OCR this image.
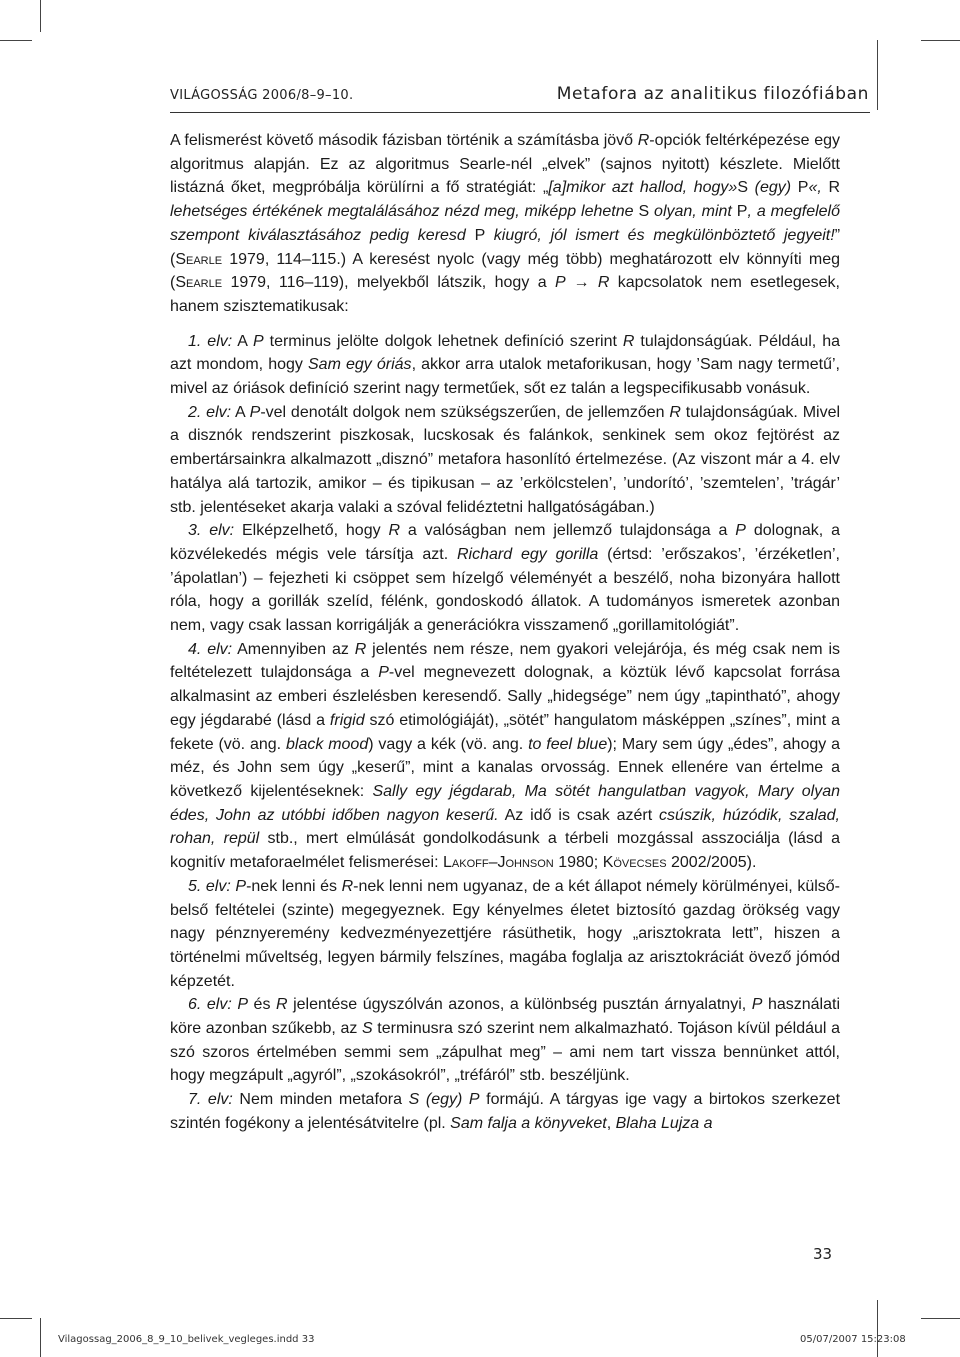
VILÁGOSSÁG 2006/8–9–10.	Metafora az analitikus filozófiában

A felismerést követő második fázisban történik a számításba jövő R-opciók feltérképezése egy algoritmus alapján. Ez az algoritmus Searle-nél „elvek” (sajnos nyitott) készlete. Mielőtt listázná őket, megpróbálja körülírni a fő stratégiát: „[a]mikor azt hallod, hogy»S (egy) P«, R lehetséges értékének megtalálásához nézd meg, miképp lehetne S olyan, mint P, a megfelelő szempont kiválasztásához pedig keresd P kiugró, jól ismert és megkülönböztető jegyeit!” (Searle 1979, 114–115.) A keresést nyolc (vagy még több) meghatározott elv könnyíti meg (Searle 1979, 116–119), melyekből látszik, hogy a P → R kapcsolatok nem esetlegesek, hanem szisztematikusak:

1. elv: A P terminus jelölte dolgok lehetnek definíció szerint R tulajdonságúak. Például, ha azt mondom, hogy Sam egy óriás, akkor arra utalok metaforikusan, hogy ’Sam nagy termetű’, mivel az óriások definíció szerint nagy termetűek, sőt ez talán a legspecifikusabb vonásuk.

2. elv: A P-vel denotált dolgok nem szükségszerűen, de jellemzően R tulajdonságúak. Mivel a disznók rendszerint piszkosak, lucskosak és falánkok, senkinek sem okoz fejtörést az embertársainkra alkalmazott „disznó” metafora hasonlító értelmezése. (Az viszont már a 4. elv hatálya alá tartozik, amikor – és tipikusan – az ’erkölcstelen’, ’undorító’, ’szemtelen’, ’trágár’ stb. jelentéseket akarja valaki a szóval felidéztetni hallgatóságában.)

3. elv: Elképzelhető, hogy R a valóságban nem jellemző tulajdonsága a P dolognak, a közvélekedés mégis vele társítja azt. Richard egy gorilla (értsd: ’erőszakos’, ’érzéketlen’, ’ápolatlan’) – fejezheti ki csöppet sem hízelgő véleményét a beszélő, noha bizonyára hallott róla, hogy a gorillák szelíd, félénk, gondoskodó állatok. A tudományos ismeretek azonban nem, vagy csak lassan korrigálják a generációkra visszamenő „gorillamitológiát”.

4. elv: Amennyiben az R jelentés nem része, nem gyakori velejárója, és még csak nem is feltételezett tulajdonsága a P-vel megnevezett dolognak, a köztük lévő kapcsolat forrása alkalmasint az emberi észlelésben keresendő. Sally „hidegsége” nem úgy „tapintható”, ahogy egy jégdarabé (lásd a frigid szó etimológiáját), „sötét” hangulatom másképpen „színes”, mint a fekete (vö. ang. black mood) vagy a kék (vö. ang. to feel blue); Mary sem úgy „édes”, ahogy a méz, és John sem úgy „keserű”, mint a kanalas orvosság. Ennek ellenére van értelme a következő kijelentéseknek: Sally egy jégdarab, Ma sötét hangulatban vagyok, Mary olyan édes, John az utóbbi időben nagyon keserű. Az idő is csak azért csúszik, húzódik, szalad, rohan, repül stb., mert elmúlását gondolkodásunk a térbeli mozgással asszociálja (lásd a kognitív metaforaelmélet felismerései: Lakoff–Johnson 1980; Kövecses 2002/2005).

5. elv: P-nek lenni és R-nek lenni nem ugyanaz, de a két állapot némely körülményei, külső-belső feltételei (szinte) megegyeznek. Egy kényelmes életet biztosító gazdag örökség vagy nagy pénznyeremény kedvezményezettjére rásüthetik, hogy „arisztokrata lett”, hiszen a történelmi műveltség, legyen bármily felszínes, magába foglalja az arisztokráciát övező jómód képzetét.

6. elv: P és R jelentése úgyszólván azonos, a különbség pusztán árnyalatnyi, P használati köre azonban szűkebb, az S terminusra szó szerint nem alkalmazható. Tojáson kívül például a szó szoros értelmében semmi sem „zápulhat meg” – ami nem tart vissza bennünket attól, hogy megzápult „agyról”, „szokásokról”, „tréfáról” stb. beszéljünk.

7. elv: Nem minden metafora S (egy) P formájú. A tárgyas ige vagy a birtokos szerkezet szintén fogékony a jelentésátvitelre (pl. Sam falja a könyveket, Blaha Lujza a

33
Vilagossag_2006_8_9_10_belivek_vegleges.indd 33	05/07/2007 15:23:08
